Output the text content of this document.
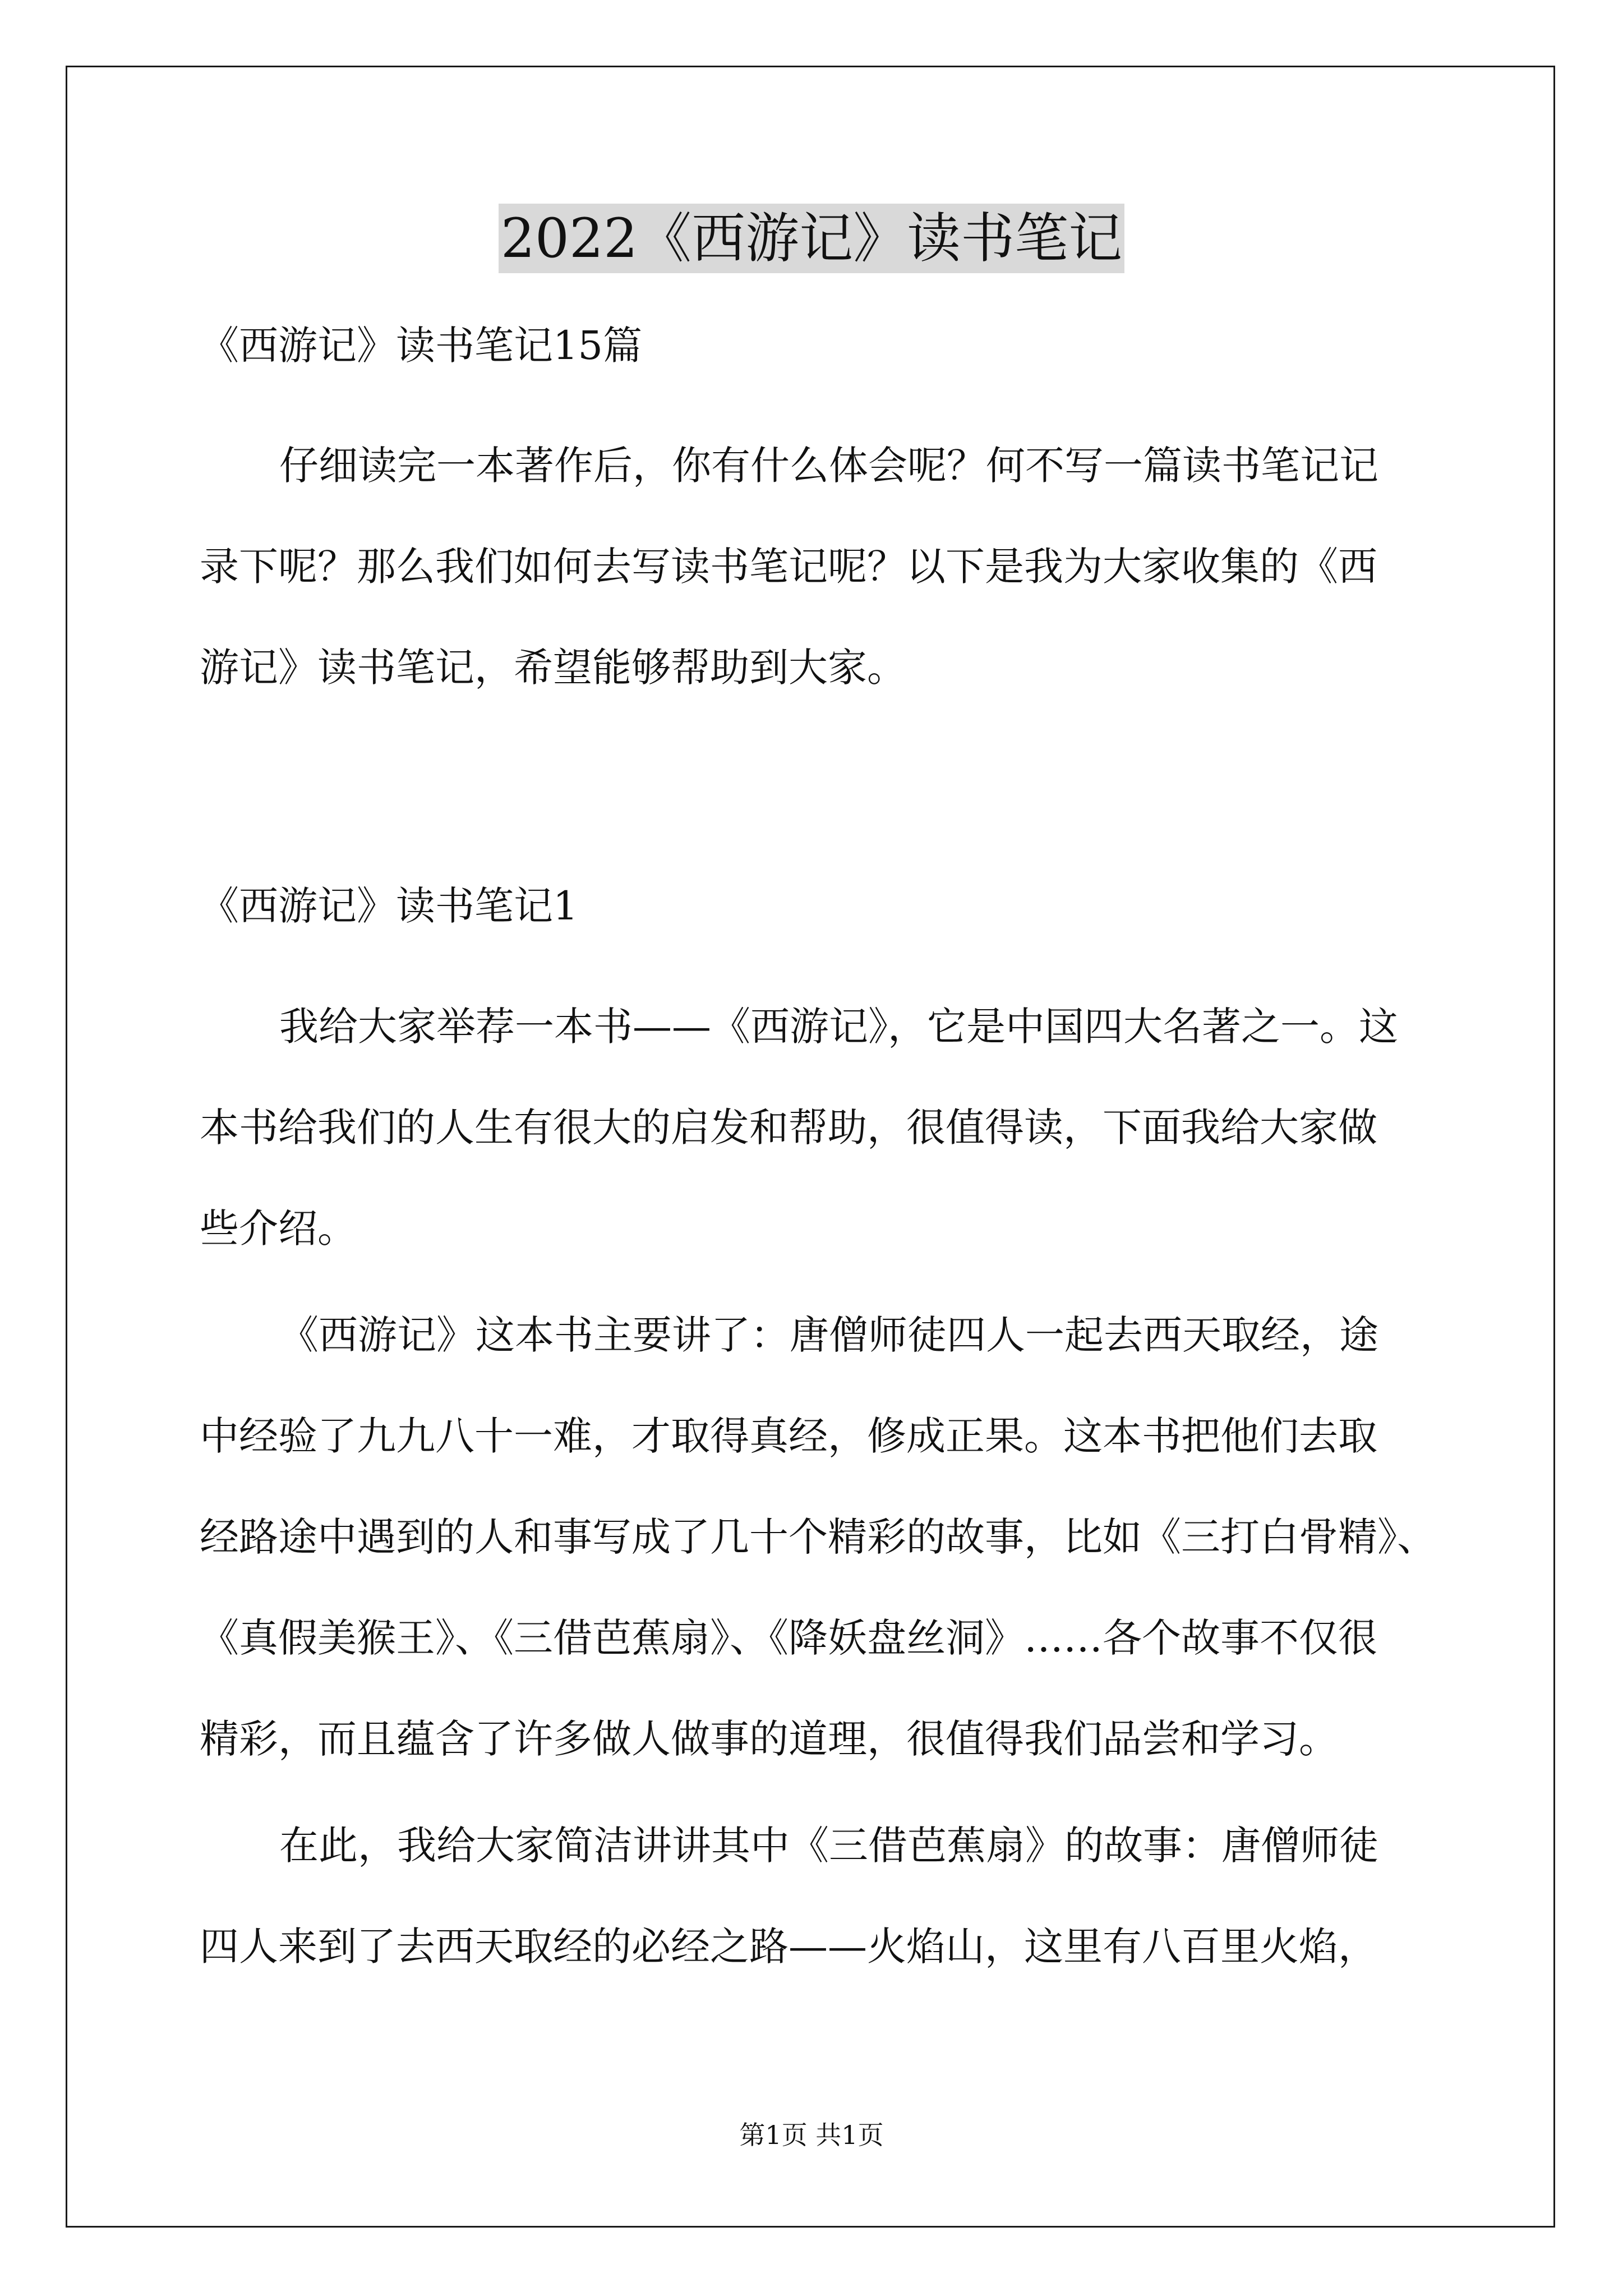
2022《西游记》读书笔记

《西游记》读书笔记15篇

仔细读完一本著作后，你有什么体会呢？何不写一篇读书笔记记
录下呢？那么我们如何去写读书笔记呢？以下是我为大家收集的《西
游记》读书笔记，希望能够帮助到大家。
《西游记》读书笔记1
我给大家举荐一本书——《西游记》，它是中国四大名著之一。这
本书给我们的人生有很大的启发和帮助，很值得读，下面我给大家做
些介绍。
《西游记》这本书主要讲了：唐僧师徒四人一起去西天取经，途
中经验了九九八十一难，才取得真经，修成正果。这本书把他们去取
经路途中遇到的人和事写成了几十个精彩的故事，比如《三打白骨精》、
《真假美猴王》、《三借芭蕉扇》、《降妖盘丝洞》……各个故事不仅很
精彩，而且蕴含了许多做人做事的道理，很值得我们品尝和学习。
在此，我给大家简洁讲讲其中《三借芭蕉扇》的故事：唐僧师徒
四人来到了去西天取经的必经之路——火焰山，这里有八百里火焰，
第1页 共1页
